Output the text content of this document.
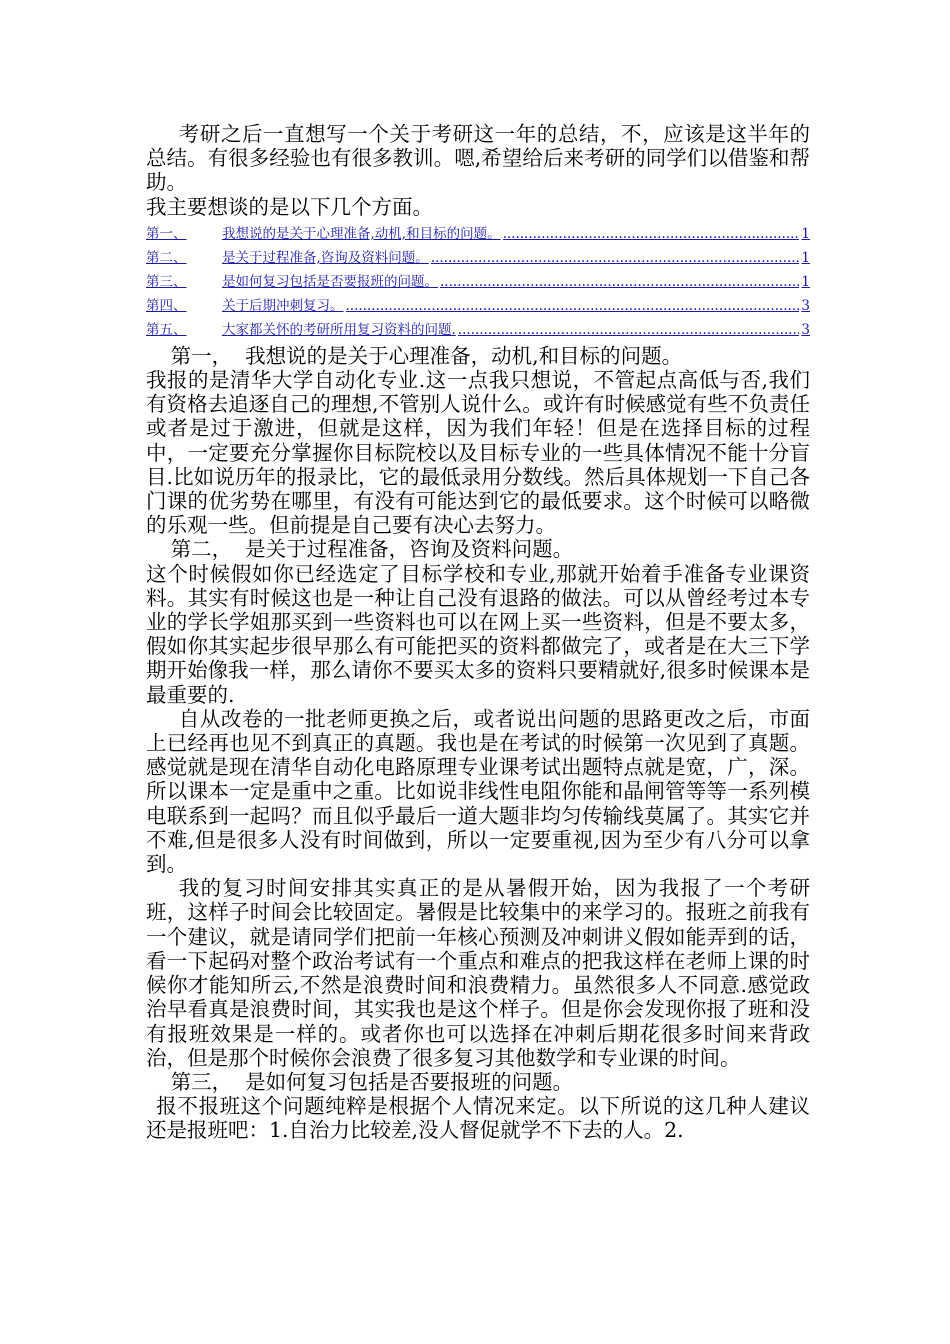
考研之后一直想写一个关于考研这一年的总结，不，应该是这半年的总结。有很多经验也有很多教训。嗯,希望给后来考研的同学们以借鉴和帮助。

我主要想谈的是以下几个方面。

第一、	我想说的是关于心理准备,动机,和目标的问题。 .....	1
第二、	是关于过程准备,咨询及资料问题。 .....	1
第三、	是如何复习包括是否要报班的问题。 .....	1
第四、	关于后期冲刺复习。 .....	3
第五、	大家都关怀的考研所用复习资料的问题. .....	3

第一，  我想说的是关于心理准备，动机,和目标的问题。

我报的是清华大学自动化专业.这一点我只想说，不管起点高低与否,我们有资格去追逐自己的理想,不管别人说什么。或许有时候感觉有些不负责任或者是过于激进，但就是这样，因为我们年轻！但是在选择目标的过程中，一定要充分掌握你目标院校以及目标专业的一些具体情况不能十分盲目.比如说历年的报录比，它的最低录用分数线。然后具体规划一下自己各门课的优劣势在哪里，有没有可能达到它的最低要求。这个时候可以略微的乐观一些。但前提是自己要有决心去努力。

第二，  是关于过程准备，咨询及资料问题。

这个时候假如你已经选定了目标学校和专业,那就开始着手准备专业课资料。其实有时候这也是一种让自己没有退路的做法。可以从曾经考过本专业的学长学姐那买到一些资料也可以在网上买一些资料，但是不要太多，假如你其实起步很早那么有可能把买的资料都做完了，或者是在大三下学期开始像我一样，那么请你不要买太多的资料只要精就好,很多时候课本是最重要的.

自从改卷的一批老师更换之后，或者说出问题的思路更改之后，市面上已经再也见不到真正的真题。我也是在考试的时候第一次见到了真题。感觉就是现在清华自动化电路原理专业课考试出题特点就是宽，广，深。所以课本一定是重中之重。比如说非线性电阻你能和晶闸管等等一系列模电联系到一起吗？而且似乎最后一道大题非均匀传输线莫属了。其实它并不难,但是很多人没有时间做到，所以一定要重视,因为至少有八分可以拿到。

我的复习时间安排其实真正的是从暑假开始，因为我报了一个考研班，这样子时间会比较固定。暑假是比较集中的来学习的。报班之前我有一个建议，就是请同学们把前一年核心预测及冲刺讲义假如能弄到的话，看一下起码对整个政治考试有一个重点和难点的把我这样在老师上课的时候你才能知所云,不然是浪费时间和浪费精力。虽然很多人不同意.感觉政治早看真是浪费时间，其实我也是这个样子。但是你会发现你报了班和没有报班效果是一样的。或者你也可以选择在冲刺后期花很多时间来背政治，但是那个时候你会浪费了很多复习其他数学和专业课的时间。

第三，  是如何复习包括是否要报班的问题。

报不报班这个问题纯粹是根据个人情况来定。以下所说的这几种人建议还是报班吧：1.自治力比较差,没人督促就学不下去的人。2.
